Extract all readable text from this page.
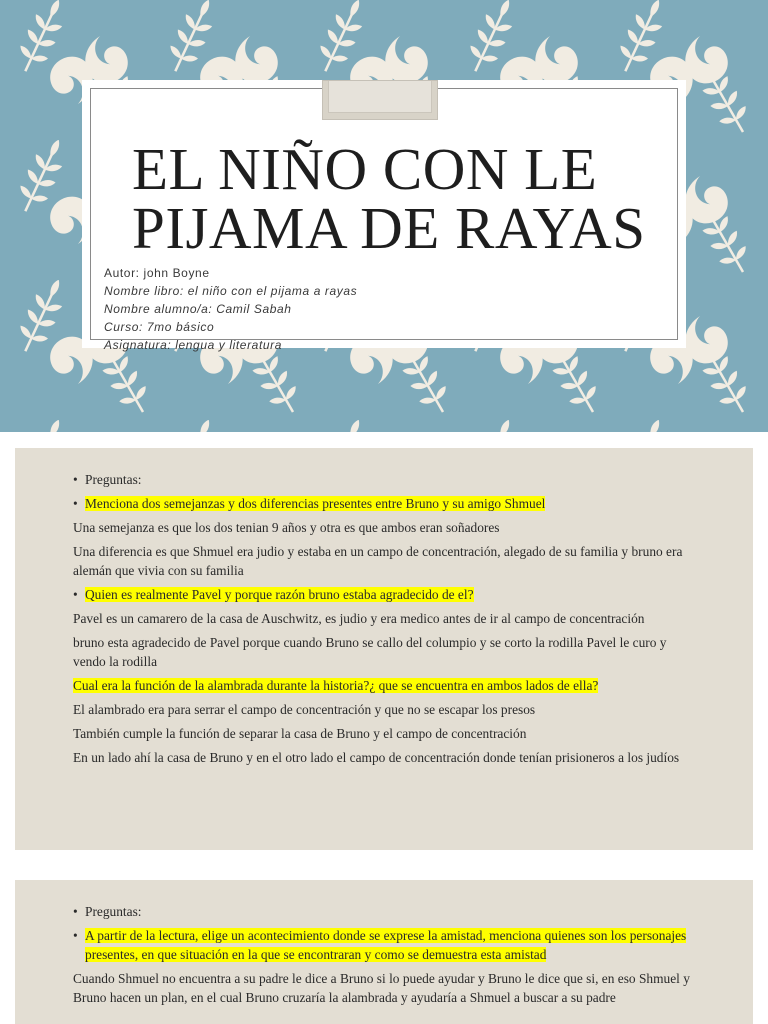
EL NIÑO CON LE
PIJAMA DE RAYAS
Autor: john Boyne
Nombre libro: el niño con el pijama a rayas
Nombre alumno/a: Camil Sabah
Curso: 7mo básico
Asignatura: lengua y literatura

• Preguntas:

• Menciona dos semejanzas y dos diferencias presentes entre Bruno y su amigo Shmuel

Una semejanza es que los dos tenian 9 años y otra es que ambos eran soñadores

Una diferencia es que Shmuel era judio y estaba en un campo de concentración, alegado de su familia y bruno era alemán que vivia con su familia

• Quien es realmente Pavel y porque razón bruno estaba agradecido de el?

Pavel es un camarero de la casa de Auschwitz, es judio y era medico antes de ir al campo de concentración

bruno esta agradecido de Pavel porque cuando Bruno se callo del columpio y se corto la rodilla Pavel le curo y vendo la rodilla

Cual era la función de la alambrada durante la historia?¿ que se encuentra en ambos lados de ella?

El alambrado era para serrar el campo de concentración y que no se escapar los presos

También cumple la función de separar la casa de Bruno y el campo de concentración

En un lado ahí la casa de Bruno y en el otro lado el campo de concentración donde tenían prisioneros a los judíos

• Preguntas:

• A partir de la lectura, elige un acontecimiento donde se exprese la amistad, menciona quienes son los personajes presentes, en que situación en la que se encontraran y como se demuestra esta amistad

Cuando Shmuel no encuentra a su padre le dice a Bruno si lo puede ayudar y Bruno le dice que si, en eso Shmuel y Bruno hacen un plan, en el cual Bruno cruzaría la alambrada y ayudaría a Shmuel a buscar a su padre
